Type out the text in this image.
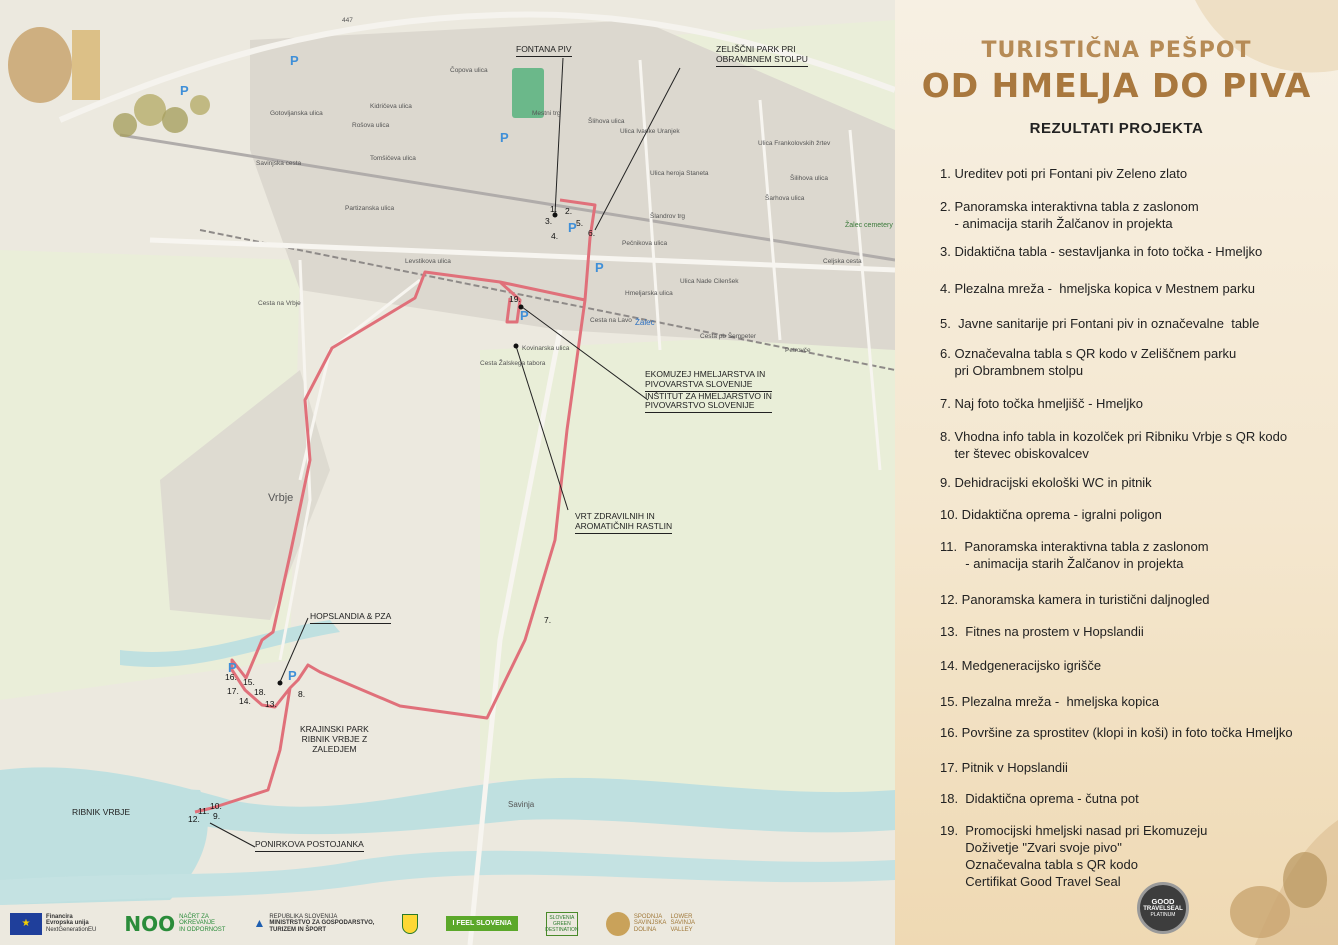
P
P
P
P
P
P
P
P
Vrbje
RIBNIK VRBJE
Savinja
Žalec
Žalec cemetery
447
Čopova ulica
Kidričeva ulica
Rošova ulica
Tomšičeva ulica
Savinjska cesta
Partizanska ulica
Levstikova ulica
Cesta na Lavo
Cesta pb Šempeter
Petrovče
Šlandrov trg
Pečnikova ulica
Ulica Nade Cilenšek
Hmeljarska ulica
Celjska cesta
Mestni trg
Šlihova ulica
Šilihova ulica
Ulica heroja Staneta
Cesta Žalskega tabora
Kovinarska ulica
Ulica Ivanke Uranjek
Ulica Frankolovskih žrtev
Šarhova ulica
Cesta na Vrbje
Gotovljanska ulica
FONTANA PIV	ZELIŠČNI PARK PRI
OBRAMBNEM STOLPU
EKOMUZEJ HMELJARSTVA IN
PIVOVARSTVA SLOVENIJE
INŠTITUT ZA HMELJARSTVO IN
PIVOVARSTVO SLOVENIJE
VRT ZDRAVILNIH IN
AROMATIČNIH RASTLIN
HOPSLANDIA & PZA
KRAJINSKI PARK
RIBNIK VRBJE Z
ZALEDJEM
PONIRKOVA POSTOJANKA
1. 2.
3.
4.
5.
6.
7.
8.
9.
10.
11.
12.
13.
14.
15.
16.
17. 18.
19.
★
Financira
Evropska unija
NextGenerationEU NOO NAČRT ZA
OKREVANJE
IN ODPORNOST ▲ REPUBLIKA SLOVENIJA
MINISTRSTVO ZA GOSPODARSTVO,
TURIZEM IN ŠPORT
I FEEL SLOVENIA
SLOVENIA GREEN DESTINATION
SPODNJA
SAVINJSKA
DOLINA
LOWER
SAVINJA
VALLEY
TURISTIČNA PEŠPOT
OD HMELJA DO PIVA
REZULTATI PROJEKTA
1. Ureditev poti pri Fontani piv Zeleno zlato
2. Panoramska interaktivna tabla z zaslonom
- animacija starih Žalčanov in projekta
3. Didaktična tabla - sestavljanka in foto točka - Hmeljko
4. Plezalna mreža -  hmeljska kopica v Mestnem parku
5.  Javne sanitarije pri Fontani piv in označevalne  table
6. Označevalna tabla s QR kodo v Zeliščnem parku
pri Obrambnem stolpu
7. Naj foto točka hmeljišč - Hmeljko
8. Vhodna info tabla in kozolček pri Ribniku Vrbje s QR kodo
ter števec obiskovalcev
9. Dehidracijski ekološki WC in pitnik
10. Didaktična oprema - igralni poligon
11.  Panoramska interaktivna tabla z zaslonom
- animacija starih Žalčanov in projekta
12. Panoramska kamera in turistični daljnogled
13.  Fitnes na prostem v Hopslandii
14. Medgeneracijsko igrišče
15. Plezalna mreža -  hmeljska kopica
16. Površine za sprostitev (klopi in koši) in foto točka Hmeljko
17. Pitnik v Hopslandii
18.  Didaktična oprema - čutna pot
19.  Promocijski hmeljski nasad pri Ekomuzeju
Doživetje "Zvari svoje pivo"
Označevalna tabla s QR kodo
Certifikat Good Travel Seal
GOOD
TRAVELSEAL
PLATINUM
